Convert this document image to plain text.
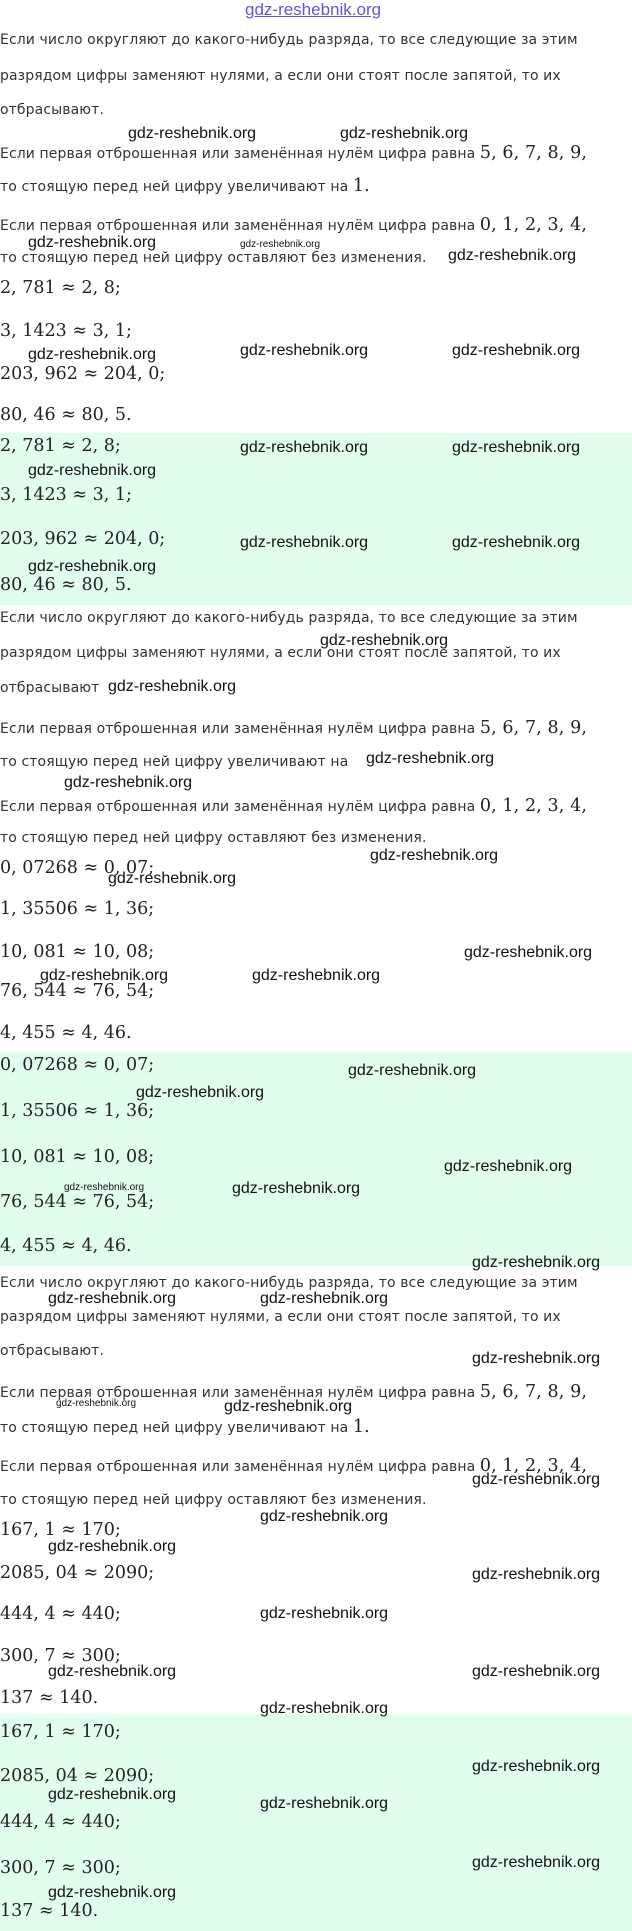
gdz-reshebnik.org
Если число округляют до какого-нибудь разряда, то все следующие за этим
разрядом цифры заменяют нулями, а если они стоят после запятой, то их
отбрасывают.
Если первая отброшенная или заменённая нулём цифра равна 5, 6, 7, 8, 9,
то стоящую перед ней цифру увеличивают на 1.
Если первая отброшенная или заменённая нулём цифра равна 0, 1, 2, 3, 4,
то стоящую перед ней цифру оставляют без изменения.
2, 781 ≈ 2, 8;
3, 1423 ≈ 3, 1;
203, 962 ≈ 204, 0;
80, 46 ≈ 80, 5.
2, 781 ≈ 2, 8;
3, 1423 ≈ 3, 1;
203, 962 ≈ 204, 0;
80, 46 ≈ 80, 5.
Если число округляют до какого-нибудь разряда, то все следующие за этим
разрядом цифры заменяют нулями, а если они стоят после запятой, то их
отбрасывают
Если первая отброшенная или заменённая нулём цифра равна 5, 6, 7, 8, 9,
то стоящую перед ней цифру увеличивают на
Если первая отброшенная или заменённая нулём цифра равна 0, 1, 2, 3, 4,
то стоящую перед ней цифру оставляют без изменения.
0, 07268 ≈ 0, 07;
1, 35506 ≈ 1, 36;
10, 081 ≈ 10, 08;
76, 544 ≈ 76, 54;
4, 455 ≈ 4, 46.
0, 07268 ≈ 0, 07;
1, 35506 ≈ 1, 36;
10, 081 ≈ 10, 08;
76, 544 ≈ 76, 54;
4, 455 ≈ 4, 46.
Если число округляют до какого-нибудь разряда, то все следующие за этим
разрядом цифры заменяют нулями, а если они стоят после запятой, то их
отбрасывают.
Если первая отброшенная или заменённая нулём цифра равна 5, 6, 7, 8, 9,
то стоящую перед ней цифру увеличивают на 1.
Если первая отброшенная или заменённая нулём цифра равна 0, 1, 2, 3, 4,
то стоящую перед ней цифру оставляют без изменения.
167, 1 ≈ 170;
2085, 04 ≈ 2090;
444, 4 ≈ 440;
300, 7 ≈ 300;
137 ≈ 140.
167, 1 ≈ 170;
2085, 04 ≈ 2090;
444, 4 ≈ 440;
300, 7 ≈ 300;
137 ≈ 140.
gdz-reshebnik.org	gdz-reshebnik.org
gdz-reshebnik.org	gdz-reshebnik.org
gdz-reshebnik.org
gdz-reshebnik.org	gdz-reshebnik.org	gdz-reshebnik.org
gdz-reshebnik.org	gdz-reshebnik.org
gdz-reshebnik.org
gdz-reshebnik.org	gdz-reshebnik.org
gdz-reshebnik.org
gdz-reshebnik.org
gdz-reshebnik.org
gdz-reshebnik.org
gdz-reshebnik.org
gdz-reshebnik.org
gdz-reshebnik.org
gdz-reshebnik.org
gdz-reshebnik.org	gdz-reshebnik.org
gdz-reshebnik.org
gdz-reshebnik.org
gdz-reshebnik.org
gdz-reshebnik.org	gdz-reshebnik.org
gdz-reshebnik.org
gdz-reshebnik.org	gdz-reshebnik.org
gdz-reshebnik.org
gdz-reshebnik.org	gdz-reshebnik.org
gdz-reshebnik.org
gdz-reshebnik.org
gdz-reshebnik.org
gdz-reshebnik.org
gdz-reshebnik.org
gdz-reshebnik.org	gdz-reshebnik.org
gdz-reshebnik.org
gdz-reshebnik.org
gdz-reshebnik.org
gdz-reshebnik.org
gdz-reshebnik.org
gdz-reshebnik.org
